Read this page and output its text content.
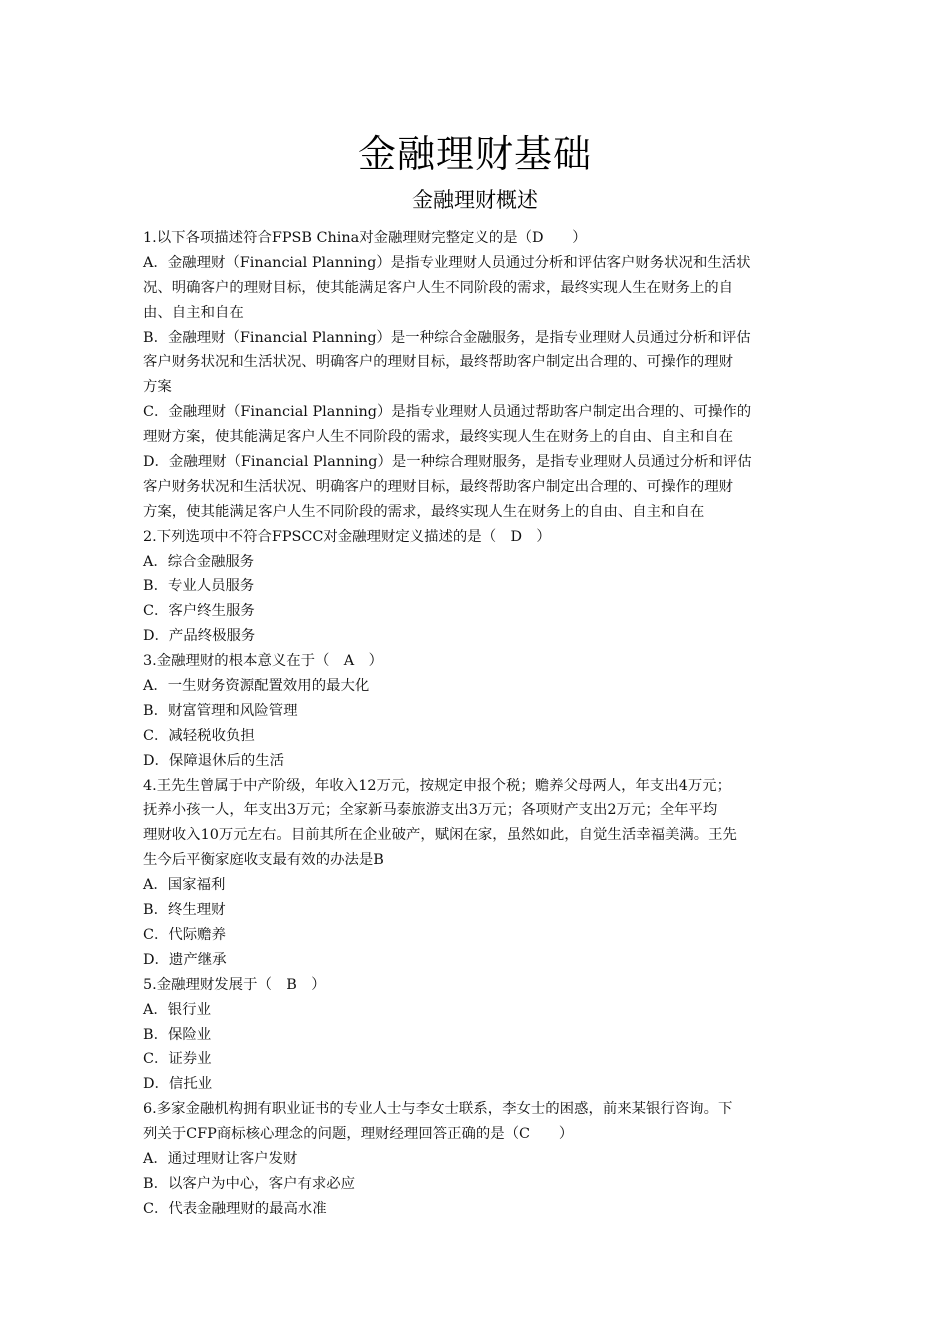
金融理财基础
金融理财概述
1.以下各项描述符合FPSB China对金融理财完整定义的是（D　　）
A．金融理财（Financial Planning）是指专业理财人员通过分析和评估客户财务状况和生活状
况、明确客户的理财目标，使其能满足客户人生不同阶段的需求，最终实现人生在财务上的自
由、自主和自在
B．金融理财（Financial Planning）是一种综合金融服务，是指专业理财人员通过分析和评估
客户财务状况和生活状况、明确客户的理财目标，最终帮助客户制定出合理的、可操作的理财
方案
C．金融理财（Financial Planning）是指专业理财人员通过帮助客户制定出合理的、可操作的
理财方案，使其能满足客户人生不同阶段的需求，最终实现人生在财务上的自由、自主和自在
D．金融理财（Financial Planning）是一种综合理财服务，是指专业理财人员通过分析和评估
客户财务状况和生活状况、明确客户的理财目标，最终帮助客户制定出合理的、可操作的理财
方案，使其能满足客户人生不同阶段的需求，最终实现人生在财务上的自由、自主和自在
2.下列选项中不符合FPSCC对金融理财定义描述的是（　D　）
A．综合金融服务
B．专业人员服务
C．客户终生服务
D．产品终极服务
3.金融理财的根本意义在于（　A　）
A．一生财务资源配置效用的最大化
B．财富管理和风险管理
C．减轻税收负担
D．保障退休后的生活
4.王先生曾属于中产阶级，年收入12万元，按规定申报个税；赡养父母两人，年支出4万元；
抚养小孩一人，年支出3万元；全家新马泰旅游支出3万元；各项财产支出2万元；全年平均
理财收入10万元左右。目前其所在企业破产，赋闲在家，虽然如此，自觉生活幸福美满。王先
生今后平衡家庭收支最有效的办法是B
A．国家福利
B．终生理财
C．代际赡养
D．遗产继承
5.金融理财发展于（　B　）
A．银行业
B．保险业
C．证券业
D．信托业
6.多家金融机构拥有职业证书的专业人士与李女士联系，李女士的困惑，前来某银行咨询。下
列关于CFP商标核心理念的问题，理财经理回答正确的是（C　　）
A．通过理财让客户发财
B．以客户为中心，客户有求必应
C．代表金融理财的最高水准
